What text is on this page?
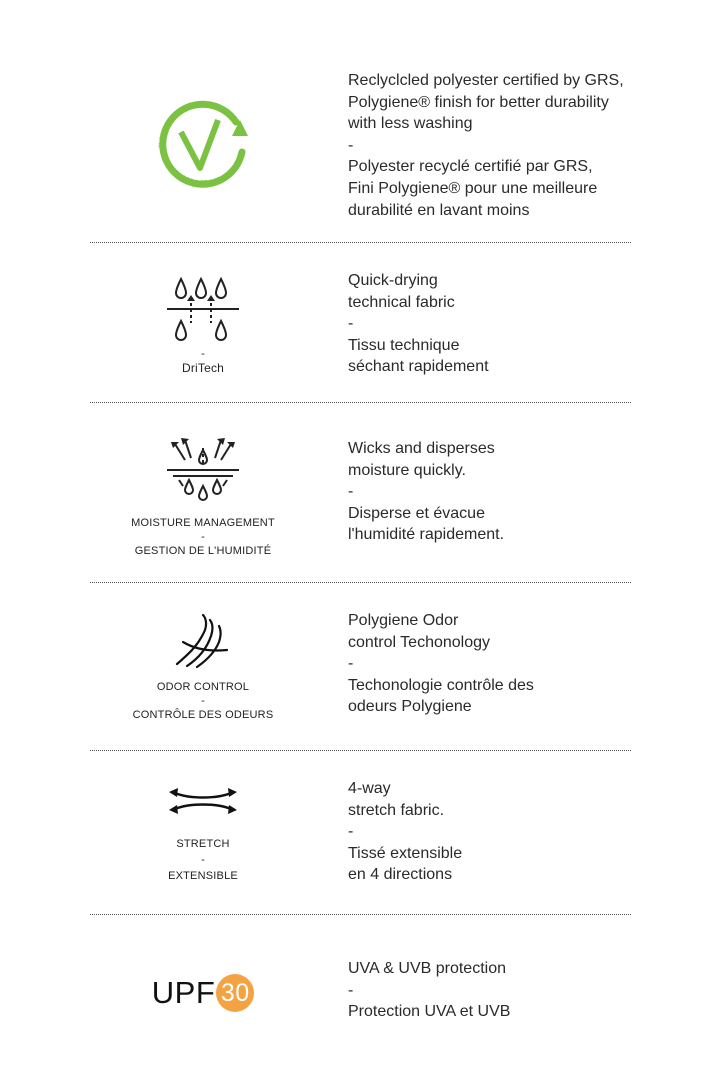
SUSTAINABLE COMPONENT
COMPOSANTE DURABLE
Reclyclcled polyester certified by GRS,
Polygiene® finish for better durability
with less washing
-
Polyester recyclé certifié par GRS,
Fini Polygiene® pour une meilleure
durabilité en lavant moins
-
DriTech
Quick-drying
technical fabric
-
Tissu technique
séchant rapidement
MOISTURE MANAGEMENT
-
GESTION DE L'HUMIDITÉ
Wicks and disperses
moisture quickly.
-
Disperse et évacue
l'humidité rapidement.
ODOR CONTROL
-
CONTRÔLE DES ODEURS
Polygiene Odor
control Techonology
-
Techonologie contrôle des
odeurs Polygiene
STRETCH
-
EXTENSIBLE
4-way
stretch fabric.
-
Tissé extensible
en 4 directions
UPF 30
UVA & UVB protection
-
Protection UVA et UVB
